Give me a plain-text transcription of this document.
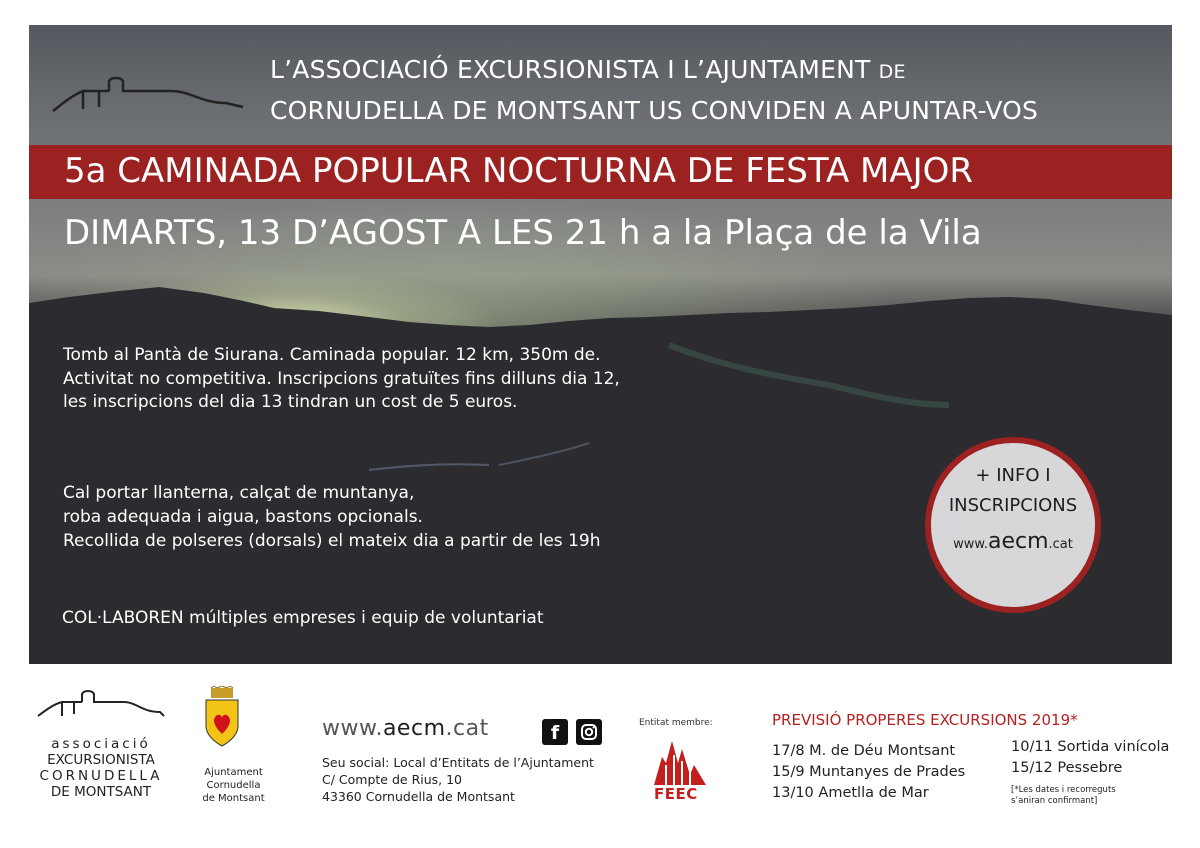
L’ASSOCIACIÓ EXCURSIONISTA I L’AJUNTAMENT DE
CORNUDELLA DE MONTSANT US CONVIDEN A APUNTAR-VOS
5a CAMINADA POPULAR NOCTURNA DE FESTA MAJOR
DIMARTS, 13 D’AGOST A LES 21 h a la Plaça de la Vila
Tomb al Pantà de Siurana. Caminada popular. 12 km, 350m de.
Activitat no competitiva. Inscripcions gratuïtes fins dilluns dia 12,
les inscripcions del dia 13 tindran un cost de 5 euros.
Cal portar llanterna, calçat de muntanya,
roba adequada i aigua, bastons opcionals.
Recollida de polseres (dorsals) el mateix dia a partir de les 19h
COL·LABOREN múltiples empreses i equip de voluntariat
+ INFO I
INSCRIPCIONS
www.aecm.cat
associació
EXCURSIONISTA
CORNUDELLA
DE MONTSANT
Ajuntament
Cornudella
de Montsant
www.aecm.cat	f
Seu social: Local d’Entitats de l’Ajuntament
C/ Compte de Rius, 10
43360 Cornudella de Montsant
Entitat membre:
FEEC
PREVISIÓ PROPERES EXCURSIONS 2019*
17/8 M. de Déu Montsant
15/9 Muntanyes de Prades
13/10 Ametlla de Mar
10/11 Sortida vinícola
15/12 Pessebre
[*Les dates i recorreguts s’aniran confirmant]
